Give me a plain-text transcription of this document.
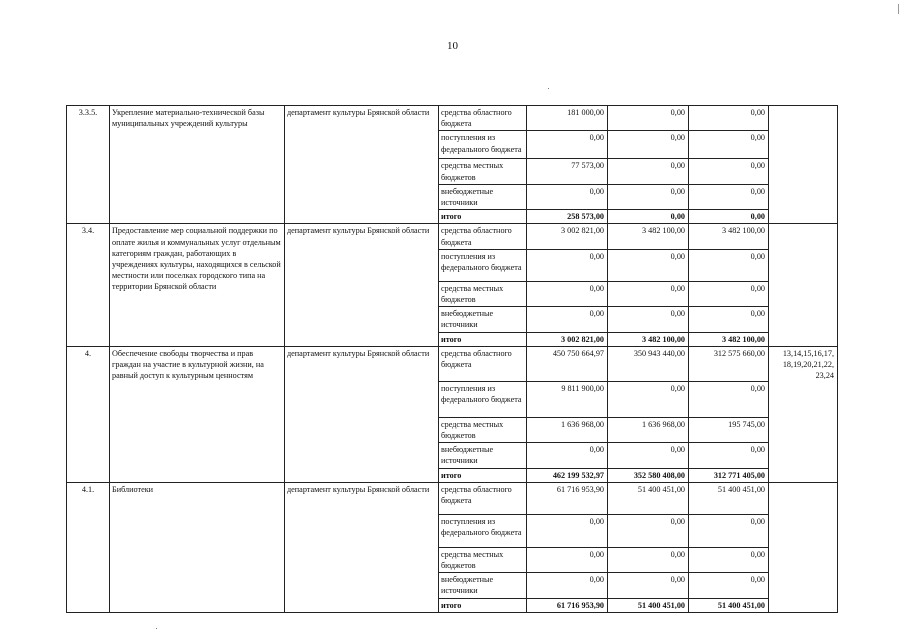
10
3.3.5.	Укрепление материально-технической базы муниципальных учреждений культуры	департамент культуры Брянской области	средства областного бюджета	181 000,00	0,00	0,00	
			поступления из федерального бюджета	0,00	0,00	0,00	
			средства местных бюджетов	77 573,00	0,00	0,00	
			внебюджетные источники	0,00	0,00	0,00	
			итого	258 573,00	0,00	0,00	
3.4.	Предоставление мер социальной поддержки по оплате жилья и коммунальных услуг отдельным категориям граждан, работающих в учреждениях культуры, находящихся в сельской местности или поселках городского типа на территории Брянской области	департамент культуры Брянской области	средства областного бюджета	3 002 821,00	3 482 100,00	3 482 100,00	
			поступления из федерального бюджета	0,00	0,00	0,00	
			средства местных бюджетов	0,00	0,00	0,00	
			внебюджетные источники	0,00	0,00	0,00	
			итого	3 002 821,00	3 482 100,00	3 482 100,00	
4.	Обеспечение свободы творчества и прав граждан на участие в культурной жизни, на равный доступ к культурным ценностям	департамент культуры Брянской области	средства областного бюджета	450 750 664,97	350 943 440,00	312 575 660,00	13,14,15,16,17, 18,19,20,21,22, 23,24
			поступления из федерального бюджета	9 811 900,00	0,00	0,00	
			средства местных бюджетов	1 636 968,00	1 636 968,00	195 745,00	
			внебюджетные источники	0,00	0,00	0,00	
			итого	462 199 532,97	352 580 408,00	312 771 405,00	
4.1.	Библиотеки	департамент культуры Брянской области	средства областного бюджета	61 716 953,90	51 400 451,00	51 400 451,00	
			поступления из федерального бюджета	0,00	0,00	0,00	
			средства местных бюджетов	0,00	0,00	0,00	
			внебюджетные источники	0,00	0,00	0,00	
			итого	61 716 953,90	51 400 451,00	51 400 451,00	
